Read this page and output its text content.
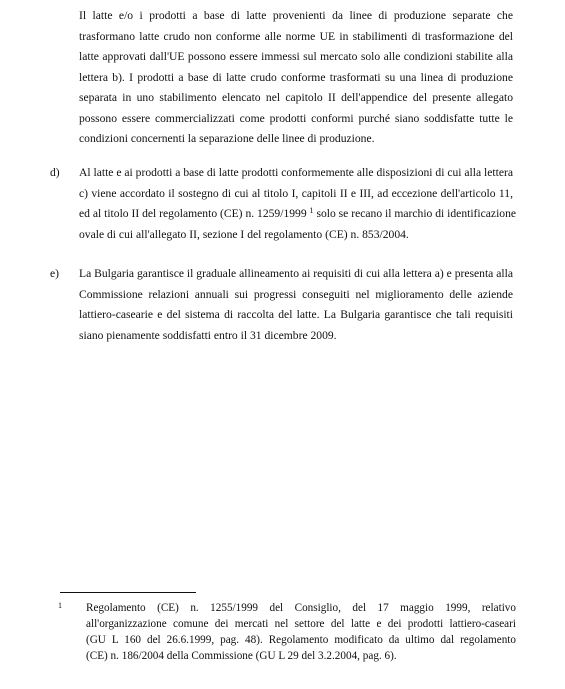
Il latte e/o i prodotti a base di latte provenienti da linee di produzione separate che
trasformano latte crudo non conforme alle norme UE in stabilimenti di trasformazione del
latte approvati dall'UE possono essere immessi sul mercato solo alle condizioni stabilite alla
lettera b). I prodotti a base di latte crudo conforme trasformati su una linea di produzione
separata in uno stabilimento elencato nel capitolo II dell'appendice del presente allegato
possono essere commercializzati come prodotti conformi purché siano soddisfatte tutte le
condizioni concernenti la separazione delle linee di produzione.
d) Al latte e ai prodotti a base di latte prodotti conformemente alle disposizioni di cui alla lettera
c) viene accordato il sostegno di cui al titolo I, capitoli II e III, ad eccezione dell'articolo 11,
ed al titolo II del regolamento (CE) n. 1259/1999 $^1$ solo se recano il marchio di identificazione
ovale di cui all'allegato II, sezione I del regolamento (CE) n. 853/2004.
e) La Bulgaria garantisce il graduale allineamento ai requisiti di cui alla lettera a) e presenta alla
Commissione relazioni annuali sui progressi conseguiti nel miglioramento delle aziende
lattiero-casearie e del sistema di raccolta del latte. La Bulgaria garantisce che tali requisiti
siano pienamente soddisfatti entro il 31 dicembre 2009.
1 Regolamento (CE) n. 1255/1999 del Consiglio, del 17 maggio 1999, relativo
all'organizzazione comune dei mercati nel settore del latte e dei prodotti lattiero-caseari
(GU L 160 del 26.6.1999, pag. 48). Regolamento modificato da ultimo dal regolamento
(CE) n. 186/2004 della Commissione (GU L 29 del 3.2.2004, pag. 6).
